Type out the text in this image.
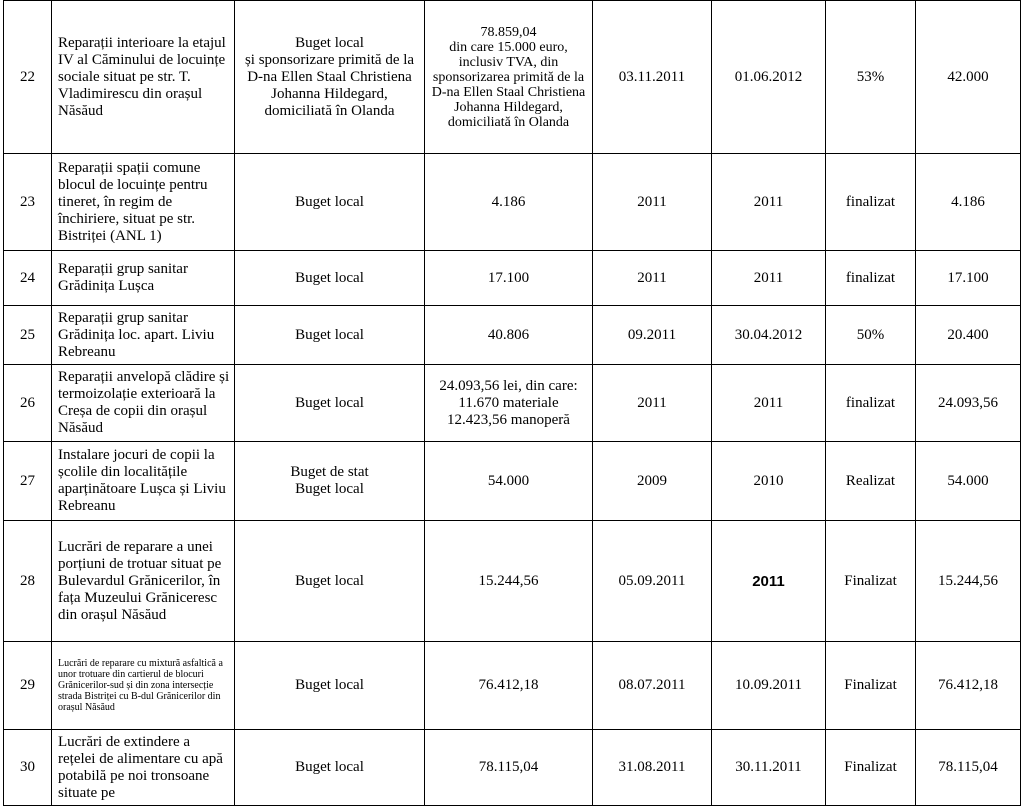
22	Reparații interioare la etajul IV al Căminului de locuințe sociale situat pe str. T. Vladimirescu din orașul Năsăud	Buget local
și sponsorizare primită de la D-na Ellen Staal Christiena Johanna Hildegard, domiciliată în Olanda	78.859,04
din care 15.000 euro, inclusiv TVA, din sponsorizarea primită de la D-na Ellen Staal Christiena Johanna Hildegard, domiciliată în Olanda	03.11.2011	01.06.2012	53%	42.000
23	Reparații spații comune blocul de locuințe pentru tineret, în regim de închiriere, situat pe str. Bistriței (ANL 1)	Buget local	4.186	2011	2011	finalizat	4.186
24	Reparații grup sanitar Grădinița Lușca	Buget local	17.100	2011	2011	finalizat	17.100
25	Reparații grup sanitar Grădinița loc. apart. Liviu Rebreanu	Buget local	40.806	09.2011	30.04.2012	50%	20.400
26	Reparații anvelopă clădire și termoizolație exterioară la Creșa de copii din orașul Năsăud	Buget local	24.093,56 lei, din care:
11.670 materiale
12.423,56 manoperă	2011	2011	finalizat	24.093,56
27	Instalare jocuri de copii la școlile din localitățile aparținătoare Lușca și Liviu Rebreanu	Buget de stat
Buget local	54.000	2009	2010	Realizat	54.000
28	Lucrări de reparare a unei porțiuni de trotuar situat pe Bulevardul Grănicerilor, în fața Muzeului Grăniceresc din orașul Năsăud	Buget local	15.244,56	05.09.2011	2011	Finalizat	15.244,56
29	Lucrări de reparare cu mixtură asfaltică a unor trotuare din cartierul de blocuri Grănicerilor-sud și din zona intersecție strada Bistriței cu B-dul Grănicerilor din orașul Năsăud	Buget local	76.412,18	08.07.2011	10.09.2011	Finalizat	76.412,18
30	Lucrări de extindere a rețelei de alimentare cu apă potabilă pe noi tronsoane situate pe	Buget local	78.115,04	31.08.2011	30.11.2011	Finalizat	78.115,04
